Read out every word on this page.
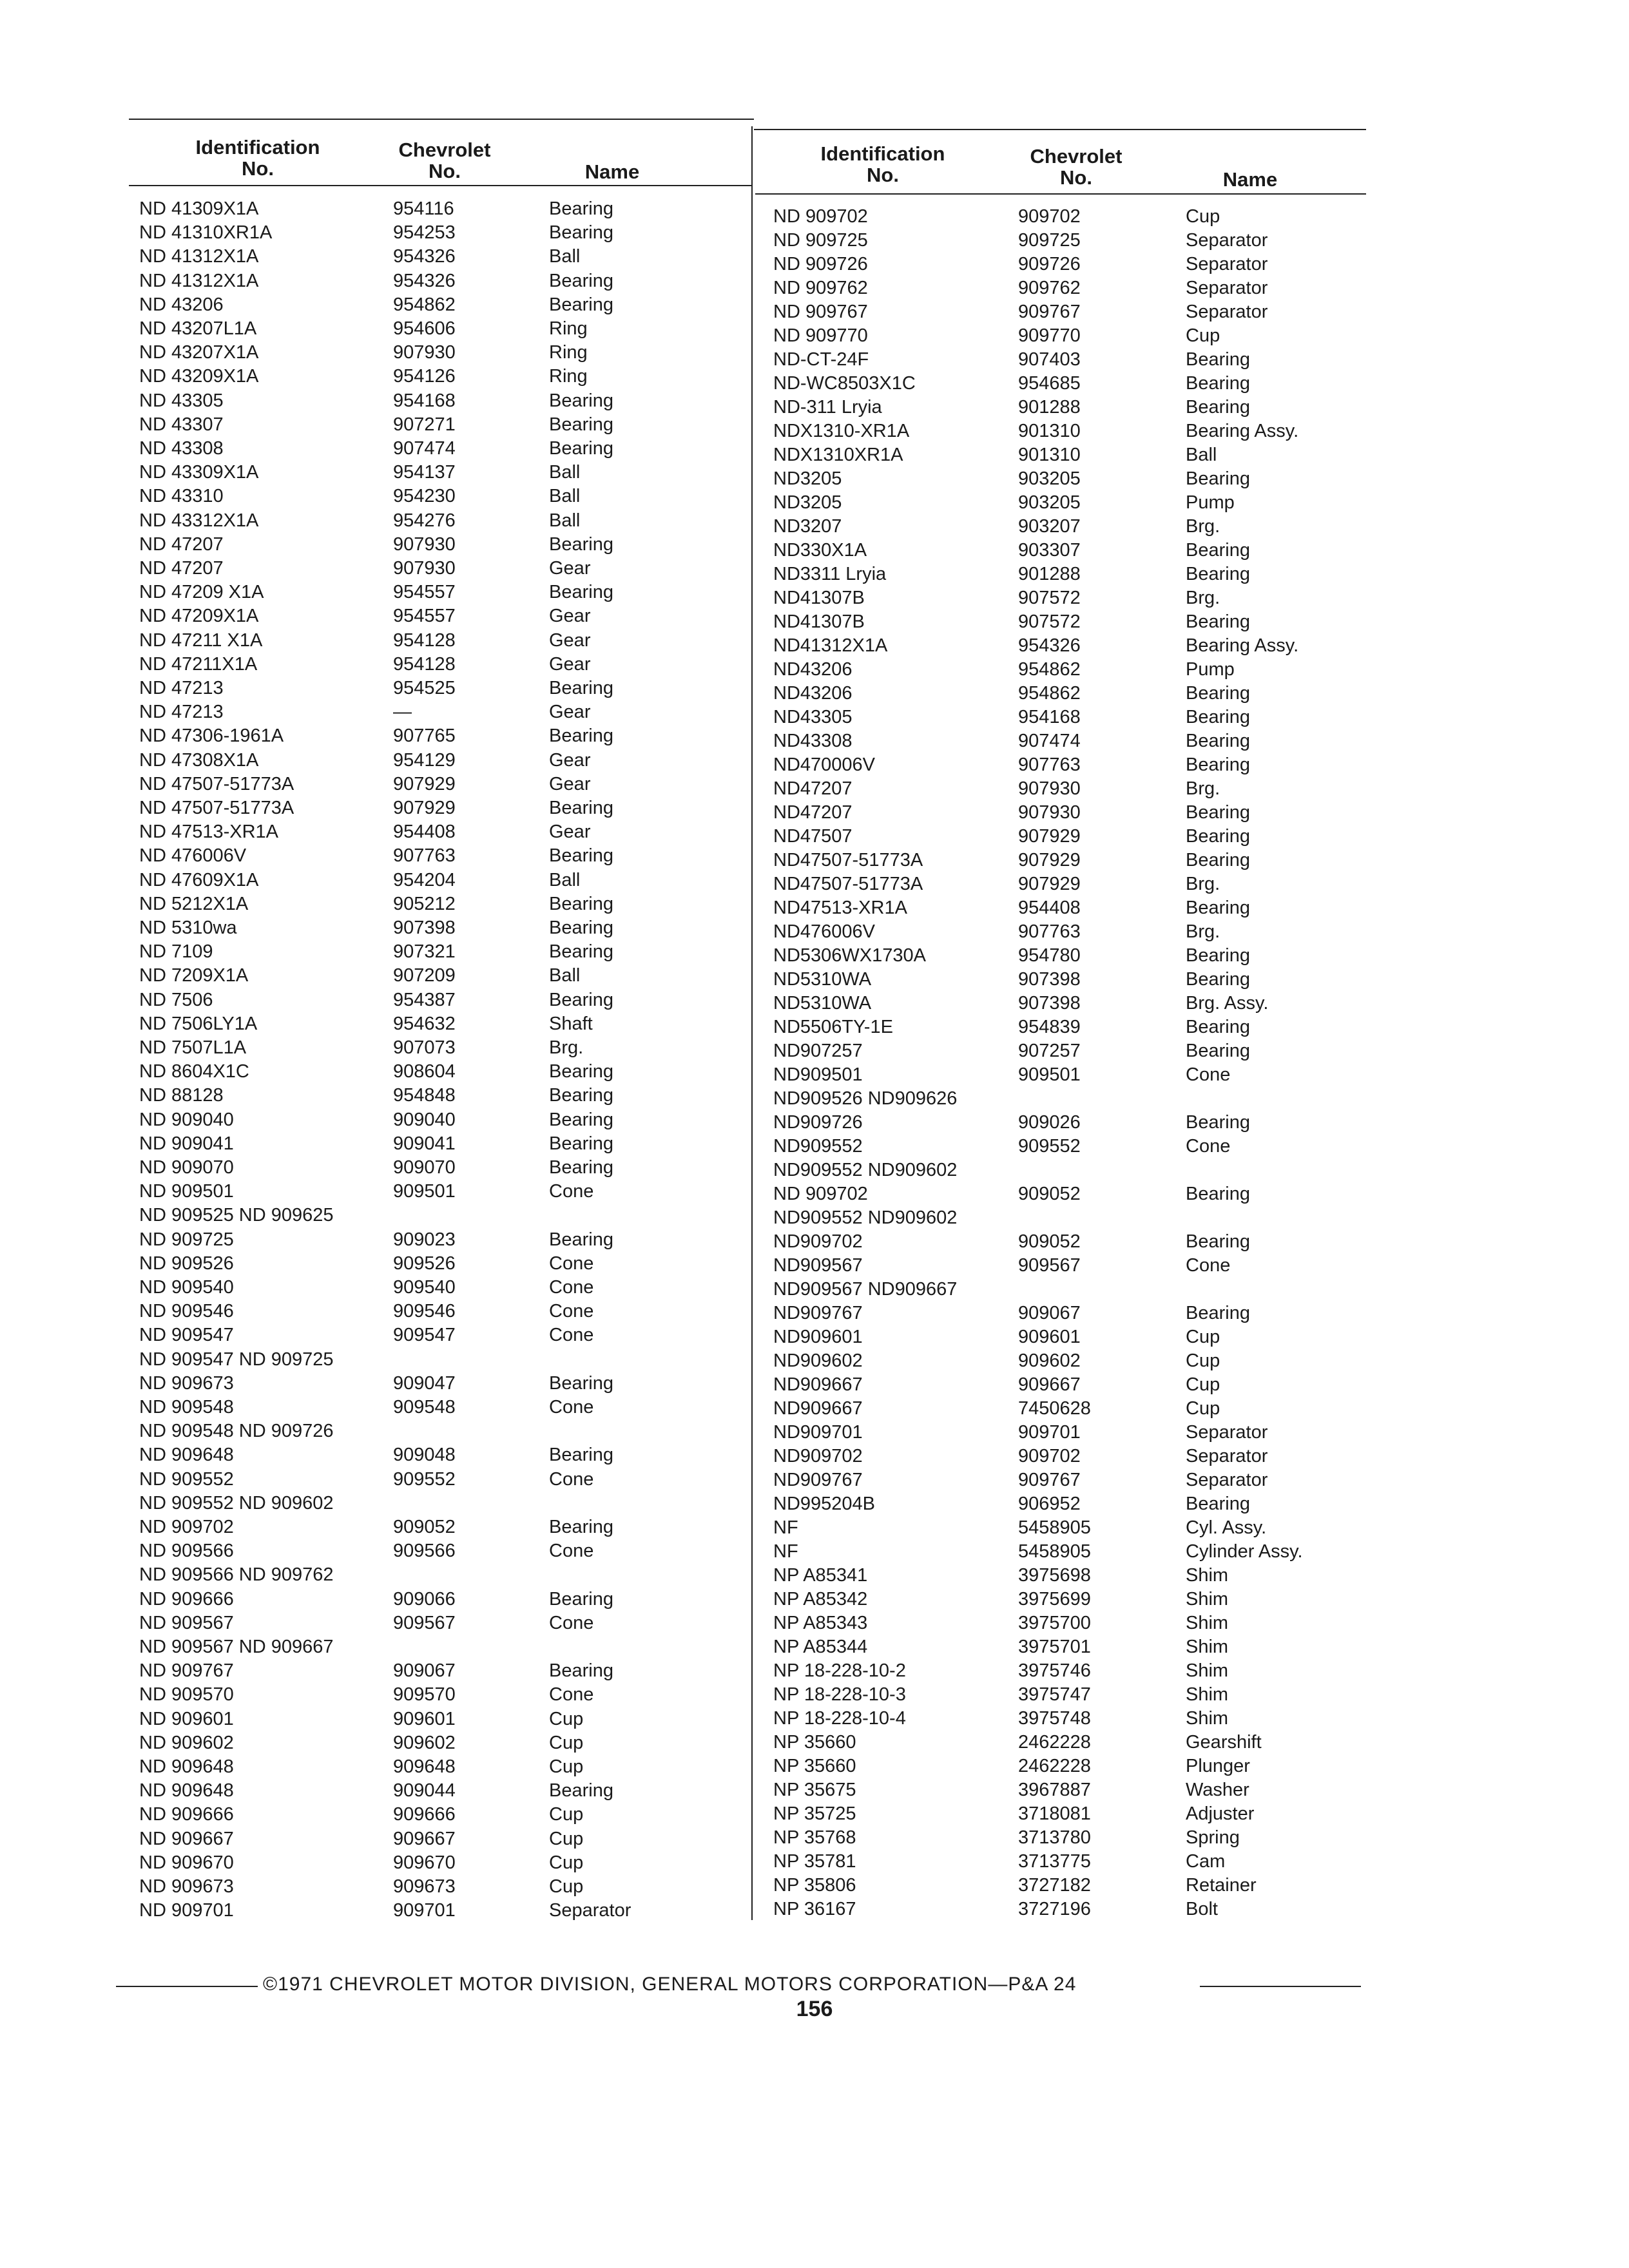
Identification
No.
Chevrolet
No.	Name
ND 41309X1A	954116	Bearing
ND 41310XR1A	954253	Bearing
ND 41312X1A	954326	Ball
ND 41312X1A	954326	Bearing
ND 43206	954862	Bearing
ND 43207L1A	954606	Ring
ND 43207X1A	907930	Ring
ND 43209X1A	954126	Ring
ND 43305	954168	Bearing
ND 43307	907271	Bearing
ND 43308	907474	Bearing
ND 43309X1A	954137	Ball
ND 43310	954230	Ball
ND 43312X1A	954276	Ball
ND 47207	907930	Bearing
ND 47207	907930	Gear
ND 47209 X1A	954557	Bearing
ND 47209X1A	954557	Gear
ND 47211 X1A	954128	Gear
ND 47211X1A	954128	Gear
ND 47213	954525	Bearing
ND 47213	—	Gear
ND 47306-1961A	907765	Bearing
ND 47308X1A	954129	Gear
ND 47507-51773A	907929	Gear
ND 47507-51773A	907929	Bearing
ND 47513-XR1A	954408	Gear
ND 476006V	907763	Bearing
ND 47609X1A	954204	Ball
ND 5212X1A	905212	Bearing
ND 5310wa	907398	Bearing
ND 7109	907321	Bearing
ND 7209X1A	907209	Ball
ND 7506	954387	Bearing
ND 7506LY1A	954632	Shaft
ND 7507L1A	907073	Brg.
ND 8604X1C	908604	Bearing
ND 88128	954848	Bearing
ND 909040	909040	Bearing
ND 909041	909041	Bearing
ND 909070	909070	Bearing
ND 909501	909501	Cone
ND 909525 ND 909625
ND 909725	909023	Bearing
ND 909526	909526	Cone
ND 909540	909540	Cone
ND 909546	909546	Cone
ND 909547	909547	Cone
ND 909547 ND 909725
ND 909673	909047	Bearing
ND 909548	909548	Cone
ND 909548 ND 909726
ND 909648	909048	Bearing
ND 909552	909552	Cone
ND 909552 ND 909602
ND 909702	909052	Bearing
ND 909566	909566	Cone
ND 909566 ND 909762
ND 909666	909066	Bearing
ND 909567	909567	Cone
ND 909567 ND 909667
ND 909767	909067	Bearing
ND 909570	909570	Cone
ND 909601	909601	Cup
ND 909602	909602	Cup
ND 909648	909648	Cup
ND 909648	909044	Bearing
ND 909666	909666	Cup
ND 909667	909667	Cup
ND 909670	909670	Cup
ND 909673	909673	Cup
ND 909701	909701	Separator
Identification
No.
Chevrolet
No.	Name
ND 909702	909702	Cup
ND 909725	909725	Separator
ND 909726	909726	Separator
ND 909762	909762	Separator
ND 909767	909767	Separator
ND 909770	909770	Cup
ND-CT-24F	907403	Bearing
ND-WC8503X1C	954685	Bearing
ND-311 Lryia	901288	Bearing
NDX1310-XR1A	901310	Bearing Assy.
NDX1310XR1A	901310	Ball
ND3205	903205	Bearing
ND3205	903205	Pump
ND3207	903207	Brg.
ND330X1A	903307	Bearing
ND3311 Lryia	901288	Bearing
ND41307B	907572	Brg.
ND41307B	907572	Bearing
ND41312X1A	954326	Bearing Assy.
ND43206	954862	Pump
ND43206	954862	Bearing
ND43305	954168	Bearing
ND43308	907474	Bearing
ND470006V	907763	Bearing
ND47207	907930	Brg.
ND47207	907930	Bearing
ND47507	907929	Bearing
ND47507-51773A	907929	Bearing
ND47507-51773A	907929	Brg.
ND47513-XR1A	954408	Bearing
ND476006V	907763	Brg.
ND5306WX1730A	954780	Bearing
ND5310WA	907398	Bearing
ND5310WA	907398	Brg. Assy.
ND5506TY-1E	954839	Bearing
ND907257	907257	Bearing
ND909501	909501	Cone
ND909526 ND909626
ND909726	909026	Bearing
ND909552	909552	Cone
ND909552 ND909602
ND 909702	909052	Bearing
ND909552 ND909602
ND909702	909052	Bearing
ND909567	909567	Cone
ND909567 ND909667
ND909767	909067	Bearing
ND909601	909601	Cup
ND909602	909602	Cup
ND909667	909667	Cup
ND909667	7450628	Cup
ND909701	909701	Separator
ND909702	909702	Separator
ND909767	909767	Separator
ND995204B	906952	Bearing
NF	5458905	Cyl. Assy.
NF	5458905	Cylinder Assy.
NP A85341	3975698	Shim
NP A85342	3975699	Shim
NP A85343	3975700	Shim
NP A85344	3975701	Shim
NP 18-228-10-2	3975746	Shim
NP 18-228-10-3	3975747	Shim
NP 18-228-10-4	3975748	Shim
NP 35660	2462228	Gearshift
NP 35660	2462228	Plunger
NP 35675	3967887	Washer
NP 35725	3718081	Adjuster
NP 35768	3713780	Spring
NP 35781	3713775	Cam
NP 35806	3727182	Retainer
NP 36167	3727196	Bolt
©1971 CHEVROLET MOTOR DIVISION, GENERAL MOTORS CORPORATION—P&A 24
156
